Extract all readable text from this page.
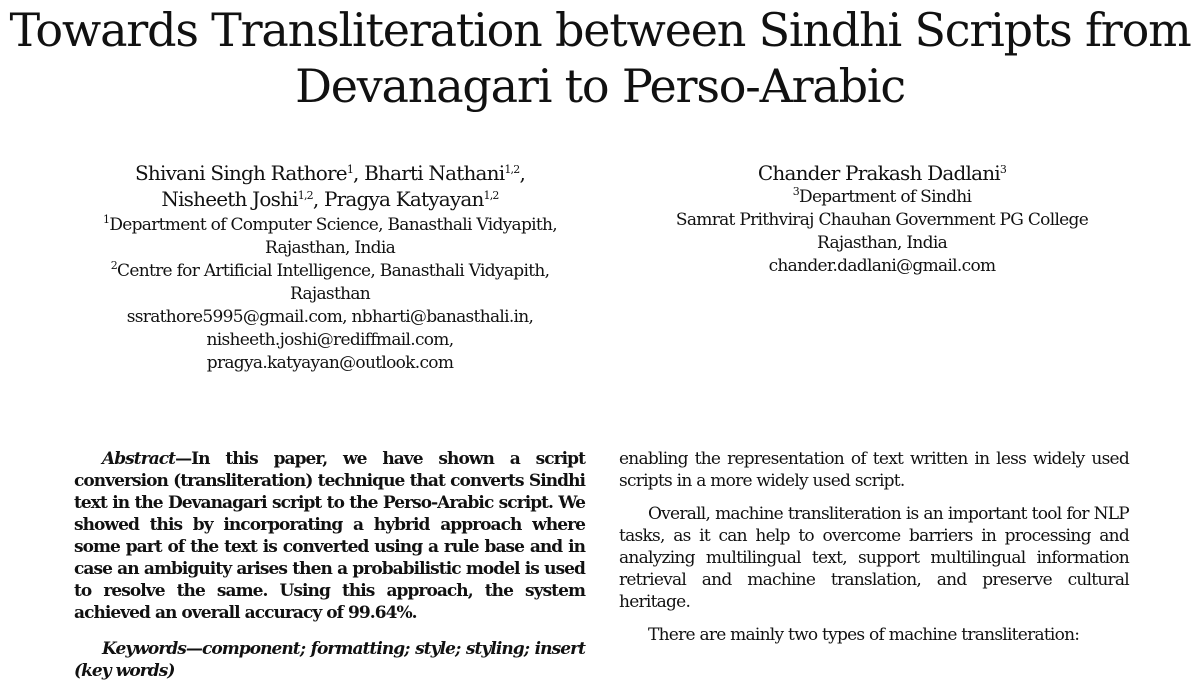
Towards Transliteration between Sindhi Scripts from
Devanagari to Perso-Arabic
Shivani Singh Rathore$^1$, Bharti Nathani$^{1,2}$,
Nisheeth Joshi$^{1,2}$, Pragya Katyayan$^{1,2}$
$^1$Department of Computer Science, Banasthali Vidyapith,
Rajasthan, India
$^2$Centre for Artificial Intelligence, Banasthali Vidyapith,
Rajasthan
ssrathore5995@gmail.com, nbharti@banasthali.in,
nisheeth.joshi@rediffmail.com,
pragya.katyayan@outlook.com
Chander Prakash Dadlani$^3$
$^3$Department of Sindhi
Samrat Prithviraj Chauhan Government PG College
Rajasthan, India
chander.dadlani@gmail.com

Abstract—In this paper, we have shown a script conversion (transliteration) technique that converts Sindhi text in the Devanagari script to the Perso-Arabic script. We showed this by incorporating a hybrid approach where some part of the text is converted using a rule base and in case an ambiguity arises then a probabilistic model is used to resolve the same. Using this approach, the system achieved an overall accuracy of 99.64%.

Keywords—component; formatting; style; styling; insert (key words)

enabling the representation of text written in less widely used scripts in a more widely used script.

Overall, machine transliteration is an important tool for NLP tasks, as it can help to overcome barriers in processing and analyzing multilingual text, support multilingual information retrieval and machine translation, and preserve cultural heritage.

There are mainly two types of machine transliteration:
